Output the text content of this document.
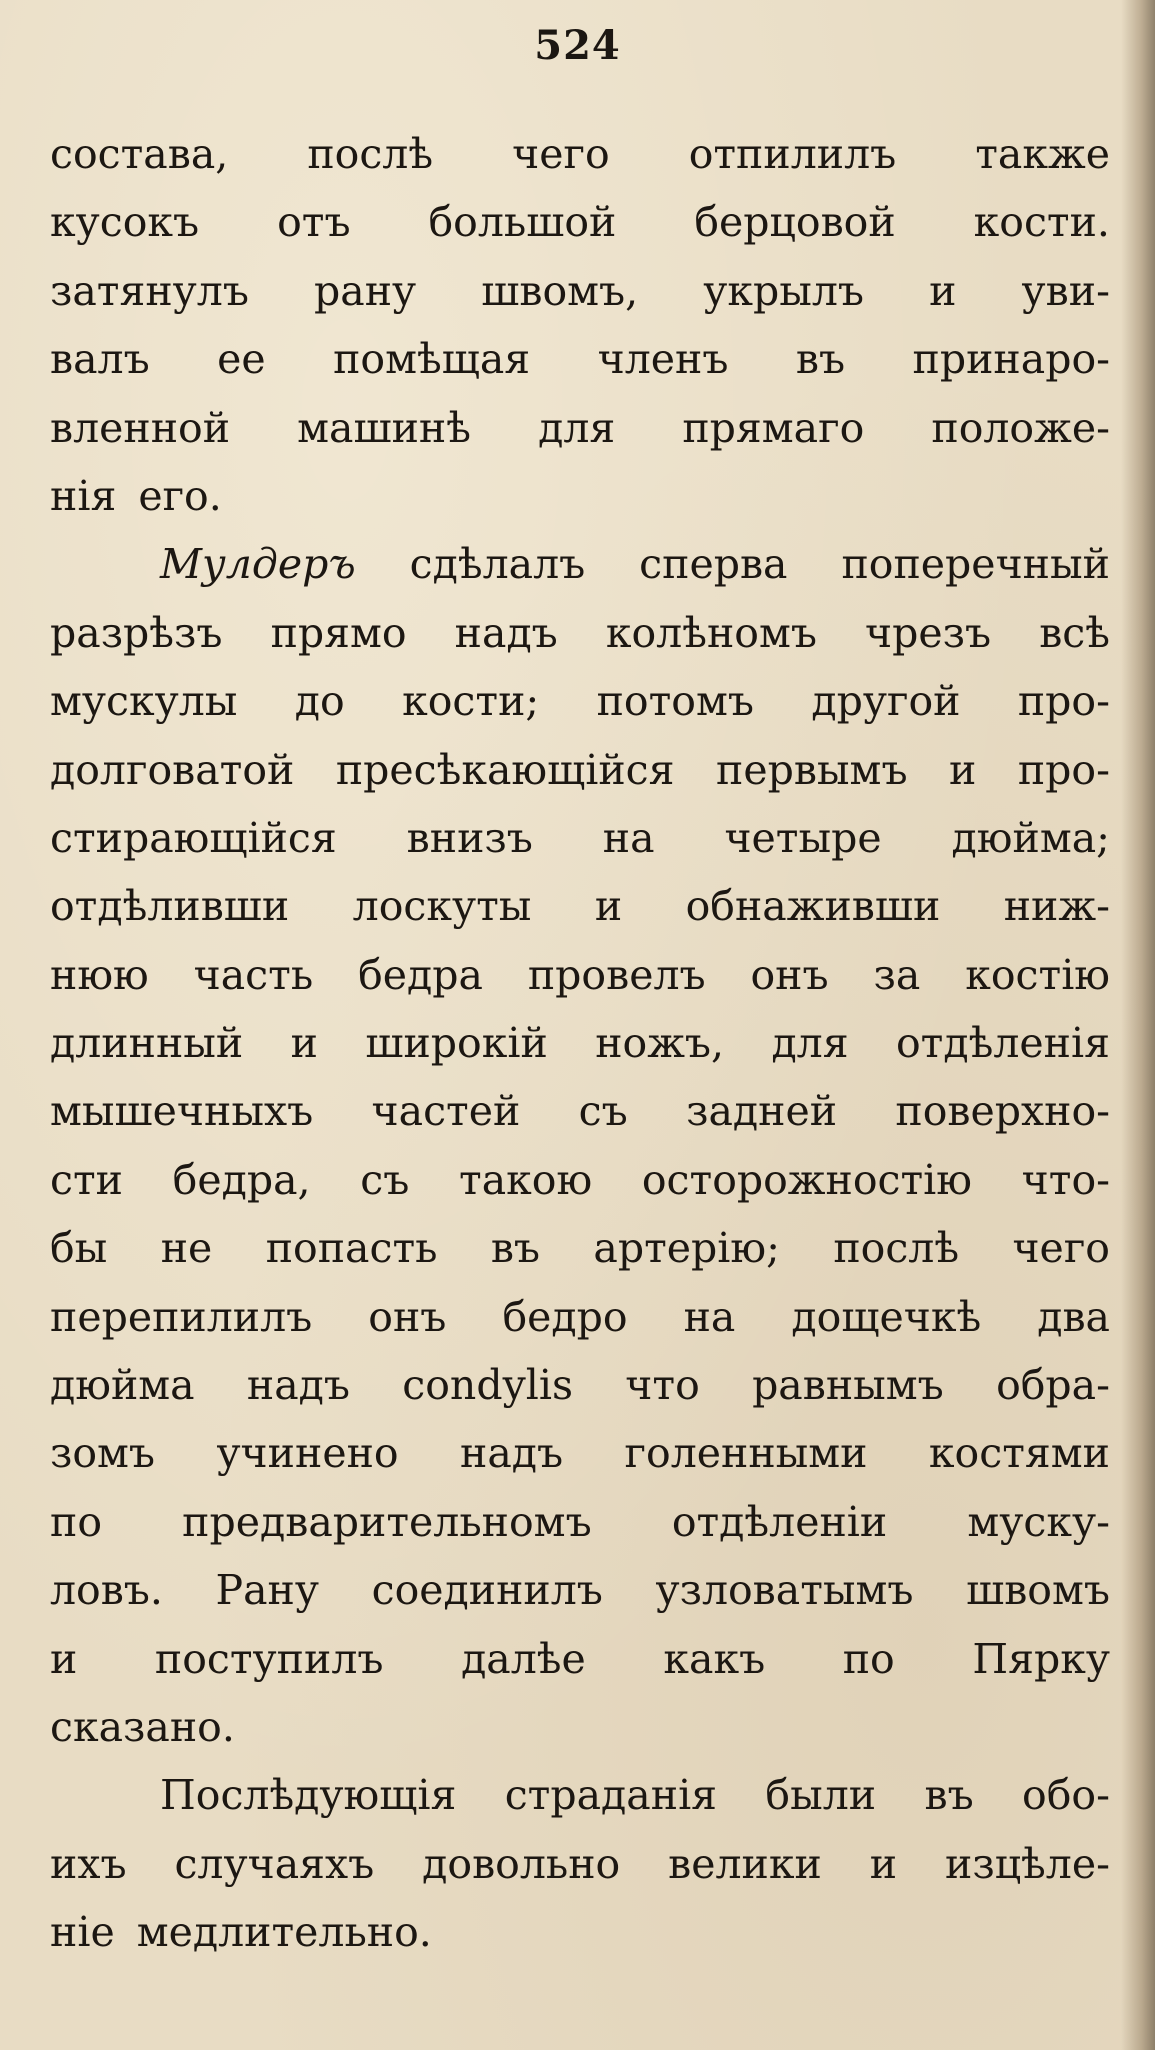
524
состава, послѣ чего отпилилъ также
кусокъ отъ большой берцовой кости.
затянулъ рану швомъ, укрылъ и уви-
валъ ее помѣщая членъ въ принаро-
вленной машинѣ для прямаго положе-
нія его.
Мулдеръ сдѣлалъ сперва поперечный
разрѣзъ прямо надъ колѣномъ чрезъ всѣ
мускулы до кости; потомъ другой про-
долговатой пресѣкающійся первымъ и про-
стирающійся внизъ на четыре дюйма;
отдѣливши лоскуты и обнаживши ниж-
нюю часть бедра провелъ онъ за костію
длинный и широкій ножъ, для отдѣленія
мышечныхъ частей съ задней поверхно-
сти бедра, съ такою осторожностію что-
бы не попасть въ артерію; послѣ чего
перепилилъ онъ бедро на дощечкѣ два
дюйма надъ condylis что равнымъ обра-
зомъ учинено надъ голенными костями
по предварительномъ отдѣленіи муску-
ловъ. Рану соединилъ узловатымъ швомъ
и поступилъ далѣе какъ по Пярку
сказано.
Послѣдующія страданія были въ обо-
ихъ случаяхъ довольно велики и изцѣле-
ніе медлительно.
